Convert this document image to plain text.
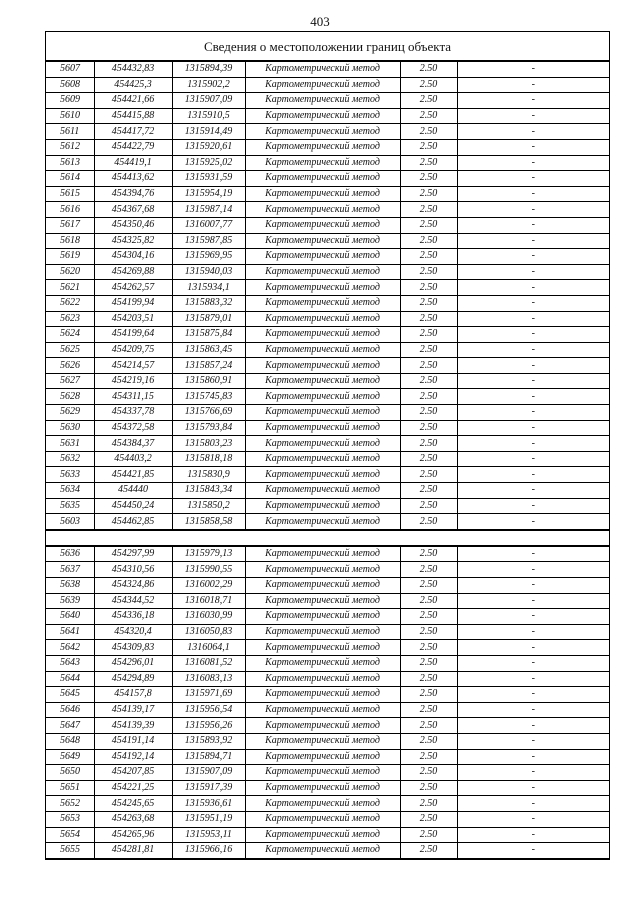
403
Сведения о местоположении границ объекта
5607	454432,83	1315894,39	Картометрический метод	2.50	-
5608	454425,3	1315902,2	Картометрический метод	2.50	-
5609	454421,66	1315907,09	Картометрический метод	2.50	-
5610	454415,88	1315910,5	Картометрический метод	2.50	-
5611	454417,72	1315914,49	Картометрический метод	2.50	-
5612	454422,79	1315920,61	Картометрический метод	2.50	-
5613	454419,1	1315925,02	Картометрический метод	2.50	-
5614	454413,62	1315931,59	Картометрический метод	2.50	-
5615	454394,76	1315954,19	Картометрический метод	2.50	-
5616	454367,68	1315987,14	Картометрический метод	2.50	-
5617	454350,46	1316007,77	Картометрический метод	2.50	-
5618	454325,82	1315987,85	Картометрический метод	2.50	-
5619	454304,16	1315969,95	Картометрический метод	2.50	-
5620	454269,88	1315940,03	Картометрический метод	2.50	-
5621	454262,57	1315934,1	Картометрический метод	2.50	-
5622	454199,94	1315883,32	Картометрический метод	2.50	-
5623	454203,51	1315879,01	Картометрический метод	2.50	-
5624	454199,64	1315875,84	Картометрический метод	2.50	-
5625	454209,75	1315863,45	Картометрический метод	2.50	-
5626	454214,57	1315857,24	Картометрический метод	2.50	-
5627	454219,16	1315860,91	Картометрический метод	2.50	-
5628	454311,15	1315745,83	Картометрический метод	2.50	-
5629	454337,78	1315766,69	Картометрический метод	2.50	-
5630	454372,58	1315793,84	Картометрический метод	2.50	-
5631	454384,37	1315803,23	Картометрический метод	2.50	-
5632	454403,2	1315818,18	Картометрический метод	2.50	-
5633	454421,85	1315830,9	Картометрический метод	2.50	-
5634	454440	1315843,34	Картометрический метод	2.50	-
5635	454450,24	1315850,2	Картометрический метод	2.50	-
5603	454462,85	1315858,58	Картометрический метод	2.50	-
5636	454297,99	1315979,13	Картометрический метод	2.50	-
5637	454310,56	1315990,55	Картометрический метод	2.50	-
5638	454324,86	1316002,29	Картометрический метод	2.50	-
5639	454344,52	1316018,71	Картометрический метод	2.50	-
5640	454336,18	1316030,99	Картометрический метод	2.50	-
5641	454320,4	1316050,83	Картометрический метод	2.50	-
5642	454309,83	1316064,1	Картометрический метод	2.50	-
5643	454296,01	1316081,52	Картометрический метод	2.50	-
5644	454294,89	1316083,13	Картометрический метод	2.50	-
5645	454157,8	1315971,69	Картометрический метод	2.50	-
5646	454139,17	1315956,54	Картометрический метод	2.50	-
5647	454139,39	1315956,26	Картометрический метод	2.50	-
5648	454191,14	1315893,92	Картометрический метод	2.50	-
5649	454192,14	1315894,71	Картометрический метод	2.50	-
5650	454207,85	1315907,09	Картометрический метод	2.50	-
5651	454221,25	1315917,39	Картометрический метод	2.50	-
5652	454245,65	1315936,61	Картометрический метод	2.50	-
5653	454263,68	1315951,19	Картометрический метод	2.50	-
5654	454265,96	1315953,11	Картометрический метод	2.50	-
5655	454281,81	1315966,16	Картометрический метод	2.50	-
